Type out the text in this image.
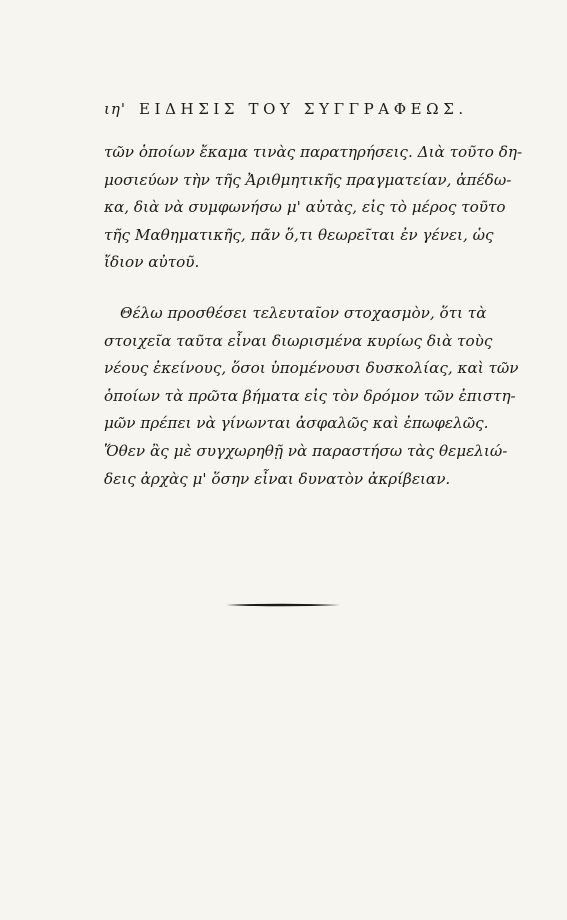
ιη' ΕΙΔΗΣΙΣ ΤΟΥ ΣΥΓΓΡΑΦΕΩΣ.

τῶν ὁποίων ἔκαμα τινὰς παρατηρήσεις. Διὰ τοῦτο δη-
μοσιεύων τὴν τῆς Ἀριθμητικῆς πραγματείαν, ἀπέδω-
κα, διὰ νὰ συμφωνήσω μ' αὐτὰς, εἰς τὸ μέρος τοῦτο
τῆς Μαθηματικῆς, πᾶν ὅ,τι θεωρεῖται ἐν γένει, ὡς
ἴδιον αὐτοῦ.

Θέλω προσθέσει τελευταῖον στοχασμὸν, ὅτι τὰ
στοιχεῖα ταῦτα εἶναι διωρισμένα κυρίως διὰ τοὺς
νέους ἐκείνους, ὅσοι ὑπομένουσι δυσκολίας, καὶ τῶν
ὁποίων τὰ πρῶτα βήματα εἰς τὸν δρόμον τῶν ἐπιστη-
μῶν πρέπει νὰ γίνωνται ἀσφαλῶς καὶ ἐπωφελῶς.
Ὅθεν ἂς μὲ συγχωρηθῇ νὰ παραστήσω τὰς θεμελιώ-
δεις ἀρχὰς μ' ὅσην εἶναι δυνατὸν ἀκρίβειαν.
